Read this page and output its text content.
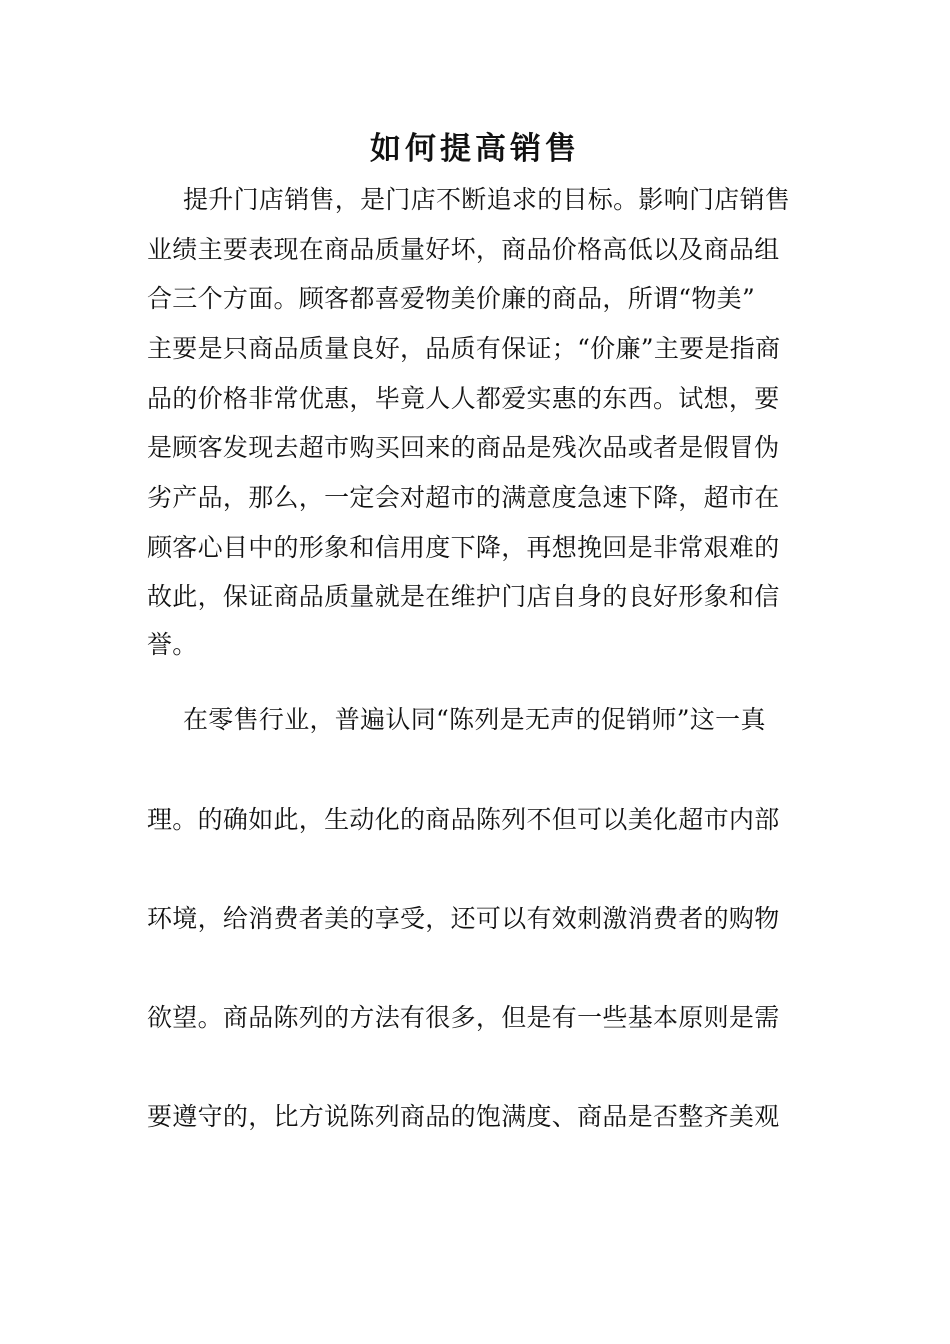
如何提高销售
提升门店销售，是门店不断追求的目标。影响门店销售
业绩主要表现在商品质量好坏，商品价格高低以及商品组
合三个方面。顾客都喜爱物美价廉的商品，所谓“物美”
主要是只商品质量良好，品质有保证；“价廉”主要是指商
品的价格非常优惠，毕竟人人都爱实惠的东西。试想，要
是顾客发现去超市购买回来的商品是残次品或者是假冒伪
劣产品，那么，一定会对超市的满意度急速下降，超市在
顾客心目中的形象和信用度下降，再想挽回是非常艰难的
故此，保证商品质量就是在维护门店自身的良好形象和信
誉。
在零售行业，普遍认同“陈列是无声的促销师”这一真
理。的确如此，生动化的商品陈列不但可以美化超市内部
环境，给消费者美的享受，还可以有效刺激消费者的购物
欲望。商品陈列的方法有很多，但是有一些基本原则是需
要遵守的，比方说陈列商品的饱满度、商品是否整齐美观
